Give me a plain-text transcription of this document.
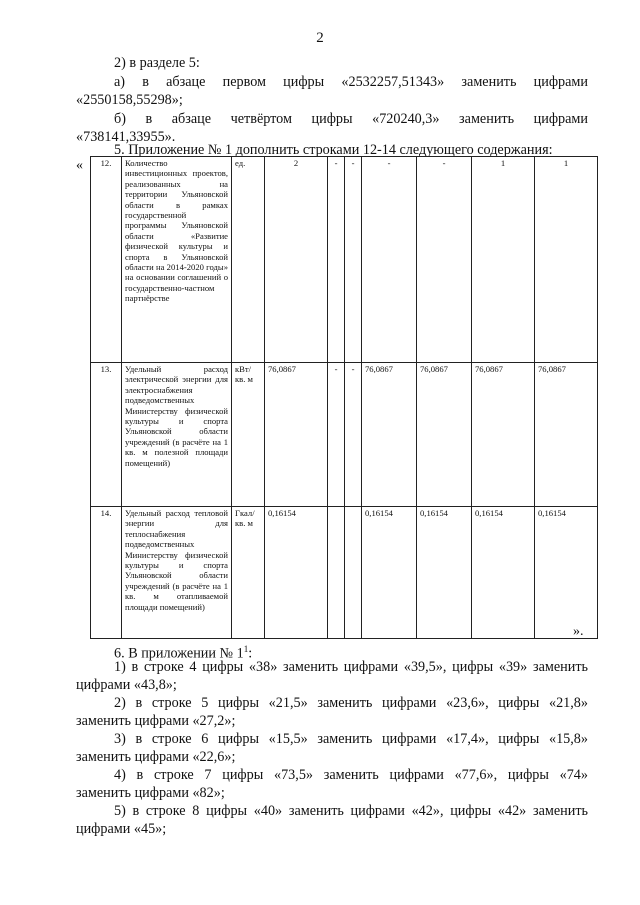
2
2) в разделе 5:
а) в абзаце первом цифры «2532257,51343» заменить цифрами
«2550158,55298»;
б) в абзаце четвёртом цифры «720240,3» заменить цифрами
«738141,33955».
5. Приложение № 1 дополнить строками 12-14 следующего содержания:
« 12.	Количество инвестиционных проектов, реализованных на территории Ульяновской области в рамках государственной программы Ульяновской области «Развитие физической культуры и спорта в Ульяновской области на 2014-2020 годы» на основании соглашений о государственно-частном партнёрстве	ед.	2	-	-	-	-	1	1
13.	Удельный расход электрической энергии для электроснабжения подведомственных Министерству физической культуры и спорта Ульяновской области учреждений (в расчёте на 1 кв. м полезной площади помещений)	кВт/ кв. м	76,0867	-	-	76,0867	76,0867	76,0867	76,0867
14.	Удельный расход тепловой энергии для теплоснабжения подведомственных Министерству физической культуры и спорта Ульяновской области учреждений (в расчёте на 1 кв. м отапливаемой площади помещений)	Гкал/ кв. м	0,16154			0,16154	0,16154	0,16154	0,16154
».
6. В приложении № $1^1$:
1) в строке 4 цифры «38» заменить цифрами «39,5», цифры «39» заменить
цифрами «43,8»;
2) в строке 5 цифры «21,5» заменить цифрами «23,6», цифры «21,8»
заменить цифрами «27,2»;
3) в строке 6 цифры «15,5» заменить цифрами «17,4», цифры «15,8»
заменить цифрами «22,6»;
4) в строке 7 цифры «73,5» заменить цифрами «77,6», цифры «74»
заменить цифрами «82»;
5) в строке 8 цифры «40» заменить цифрами «42», цифры «42» заменить
цифрами «45»;
